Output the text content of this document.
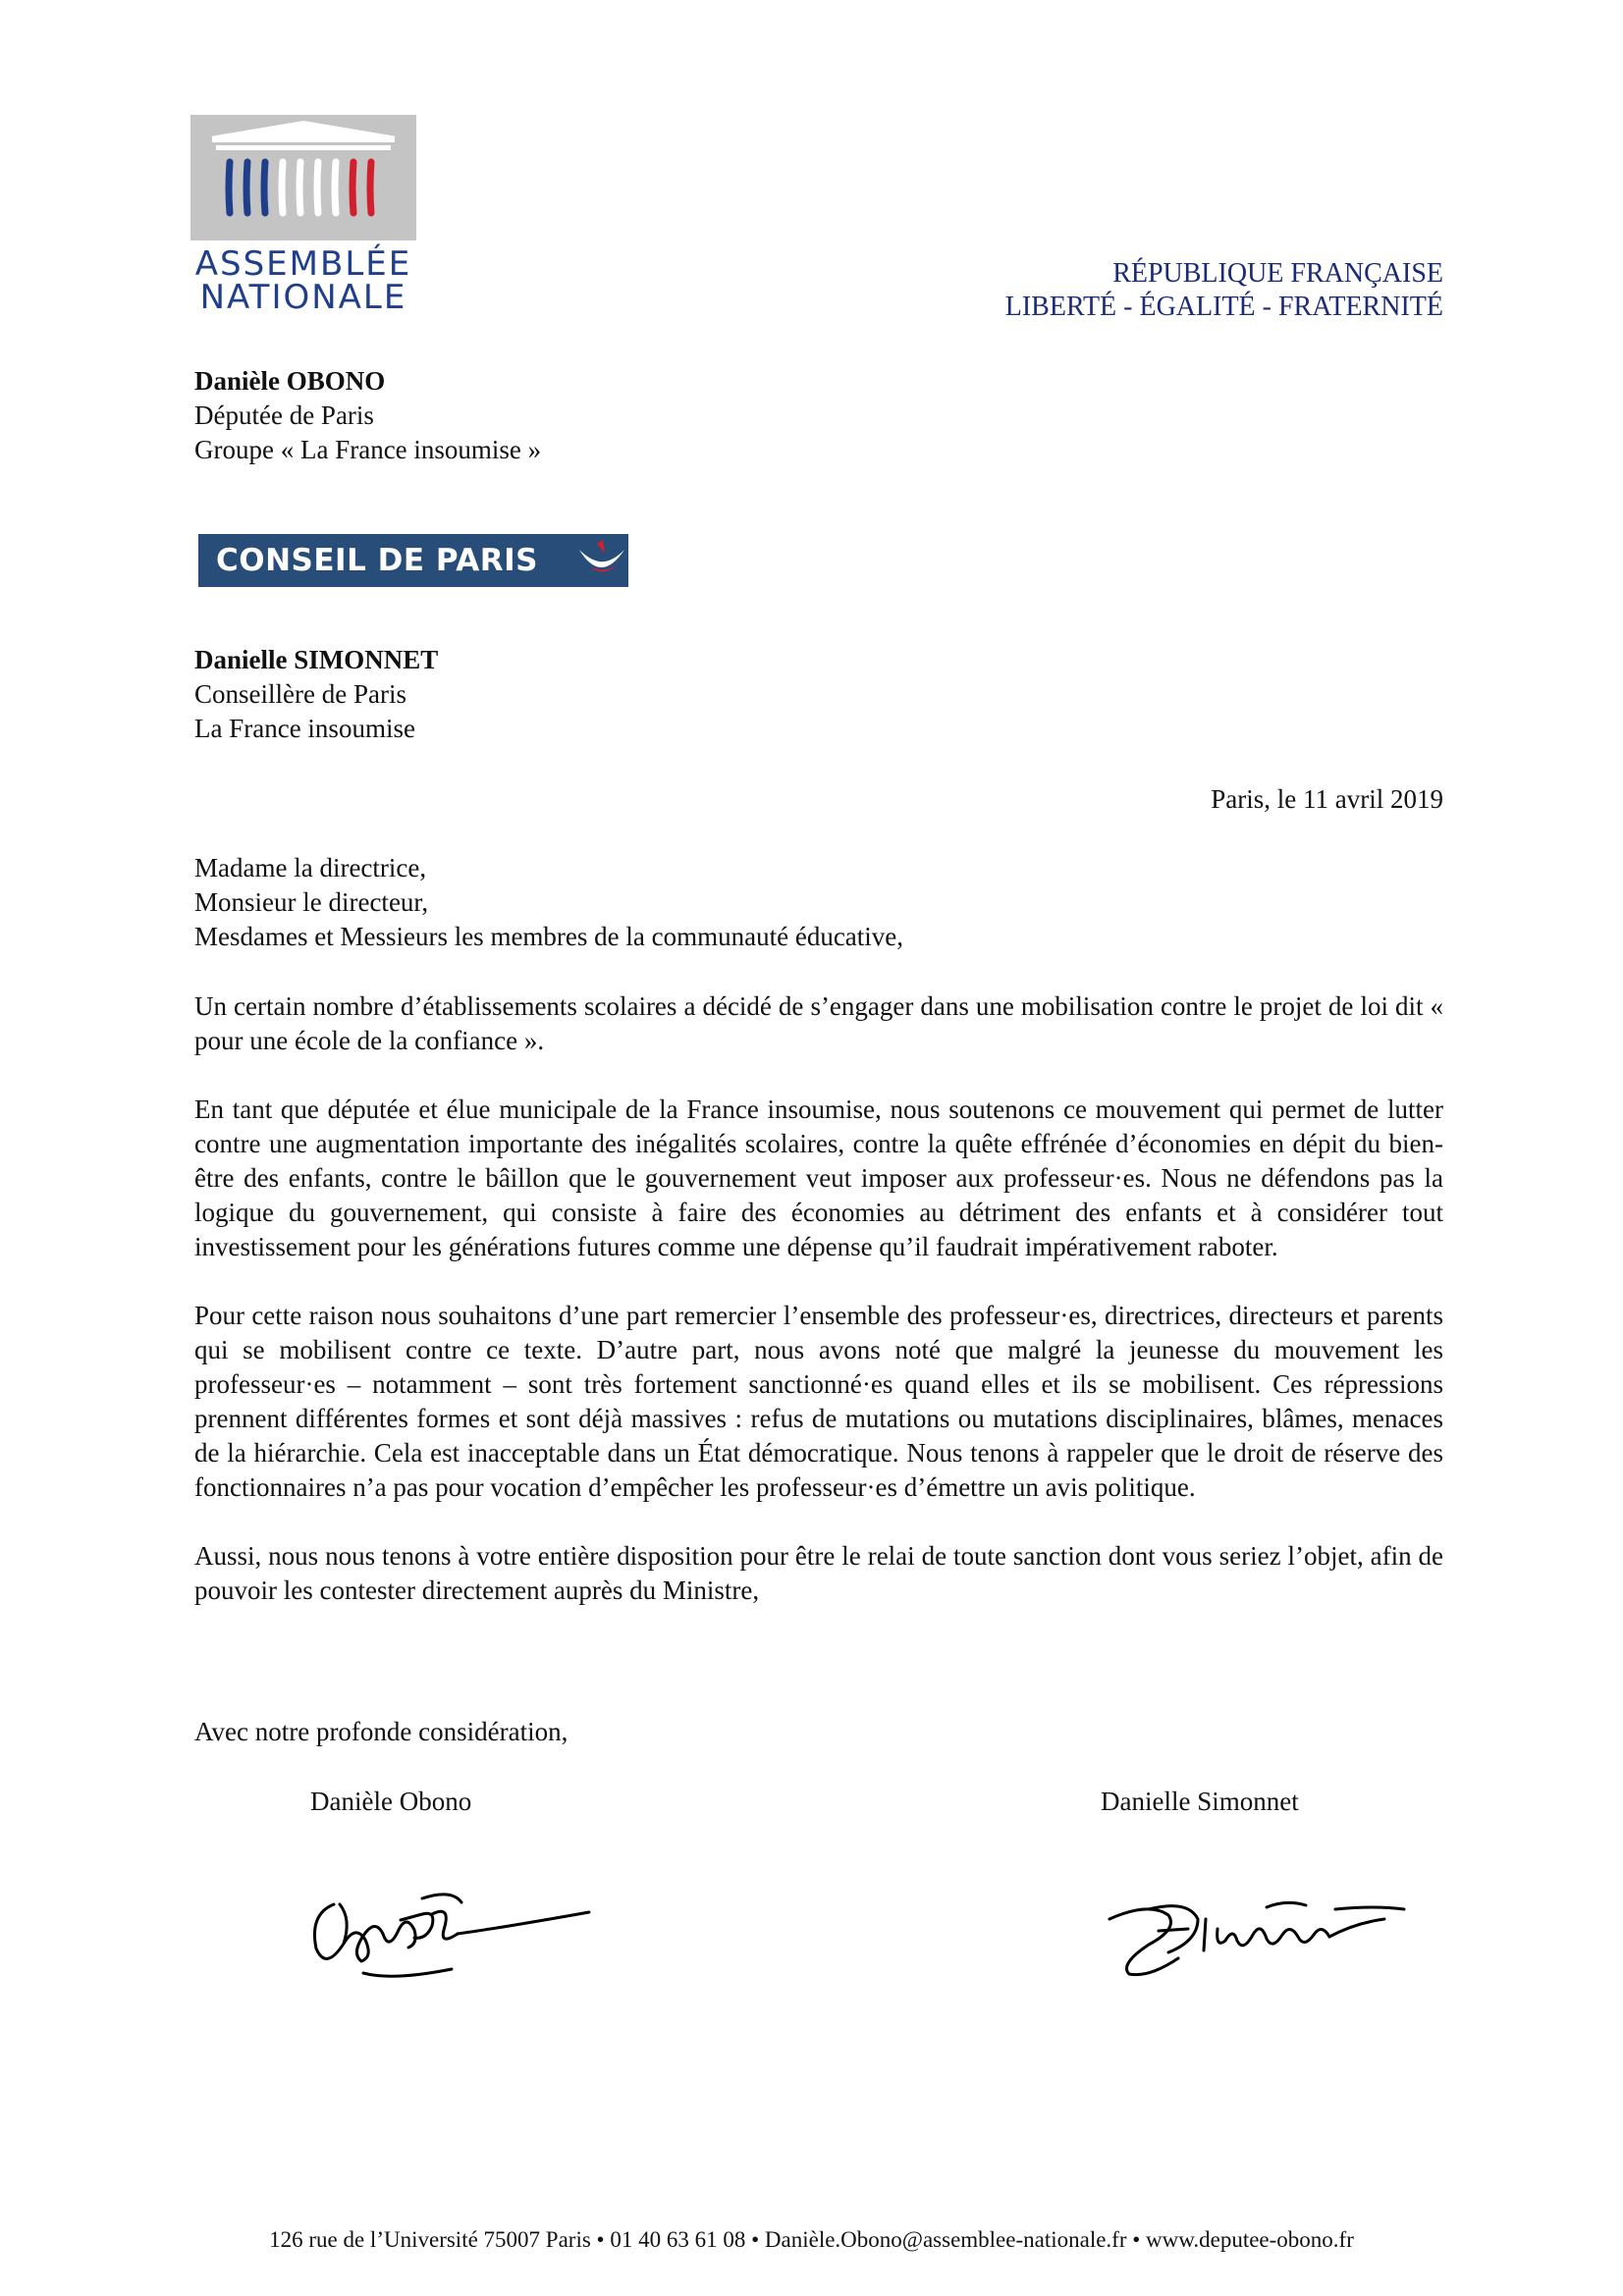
ASSEMBLÉE
NATIONALE
RÉPUBLIQUE FRANÇAISE
LIBERTÉ - ÉGALITÉ - FRATERNITÉ
Danièle OBONO
Députée de Paris
Groupe « La France insoumise »
CONSEIL DE PARIS
Danielle SIMONNET
Conseillère de Paris
La France insoumise
Paris, le 11 avril 2019
Madame la directrice,
Monsieur le directeur,
Mesdames et Messieurs les membres de la communauté éducative,

Un certain nombre d’établissements scolaires a décidé de s’engager dans une mobilisation contre le projet de loi dit « pour une école de la confiance ».

En tant que députée et élue municipale de la France insoumise, nous soutenons ce mouvement qui permet de lutter contre une augmentation importante des inégalités scolaires, contre la quête effrénée d’économies en dépit du bien-être des enfants, contre le bâillon que le gouvernement veut imposer aux professeur·es. Nous ne défendons pas la logique du gouvernement, qui consiste à faire des économies au détriment des enfants et à considérer tout investissement pour les générations futures comme une dépense qu’il faudrait impérativement raboter.

Pour cette raison nous souhaitons d’une part remercier l’ensemble des professeur·es, directrices, directeurs et parents qui se mobilisent contre ce texte. D’autre part, nous avons noté que malgré la jeunesse du mouvement les professeur·es – notamment – sont très fortement sanctionné·es quand elles et ils se mobilisent. Ces répressions prennent différentes formes et sont déjà massives : refus de mutations ou mutations disciplinaires, blâmes, menaces de la hiérarchie. Cela est inacceptable dans un État démocratique. Nous tenons à rappeler que le droit de réserve des fonctionnaires n’a pas pour vocation d’empêcher les professeur·es d’émettre un avis politique.

Aussi, nous nous tenons à votre entière disposition pour être le relai de toute sanction dont vous seriez l’objet, afin de pouvoir les contester directement auprès du Ministre,

Avec notre profonde considération,
Danièle Obono	Danielle Simonnet
126 rue de l’Université 75007 Paris • 01 40 63 61 08 • Danièle.Obono@assemblee-nationale.fr • www.deputee-obono.fr
